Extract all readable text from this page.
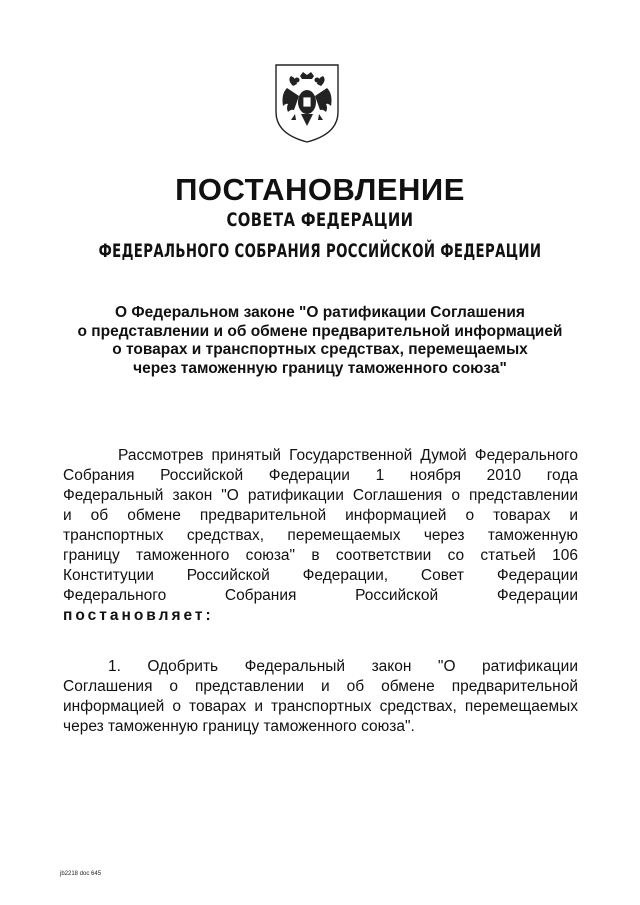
ПОСТАНОВЛЕНИЕ
СОВЕТА ФЕДЕРАЦИИ
ФЕДЕРАЛЬНОГО СОБРАНИЯ РОССИЙСКОЙ ФЕДЕРАЦИИ
О Федеральном законе "О ратификации Соглашения
о представлении и об обмене предварительной информацией
о товарах и транспортных средствах, перемещаемых
через таможенную границу таможенного союза"
Рассмотрев принятый Государственной Думой Федерального
Собрания Российской Федерации 1 ноября 2010 года
Федеральный закон "О ратификации Соглашения о представлении
и об обмене предварительной информацией о товарах и
транспортных средствах, перемещаемых через таможенную
границу таможенного союза" в соответствии со статьей 106
Конституции Российской Федерации, Совет Федерации
Федерального Собрания Российской Федерации
постановляет:
1. Одобрить Федеральный закон "О ратификации
Соглашения о представлении и об обмене предварительной
информацией о товарах и транспортных средствах, перемещаемых
через таможенную границу таможенного союза".
jb2218 doc 645
